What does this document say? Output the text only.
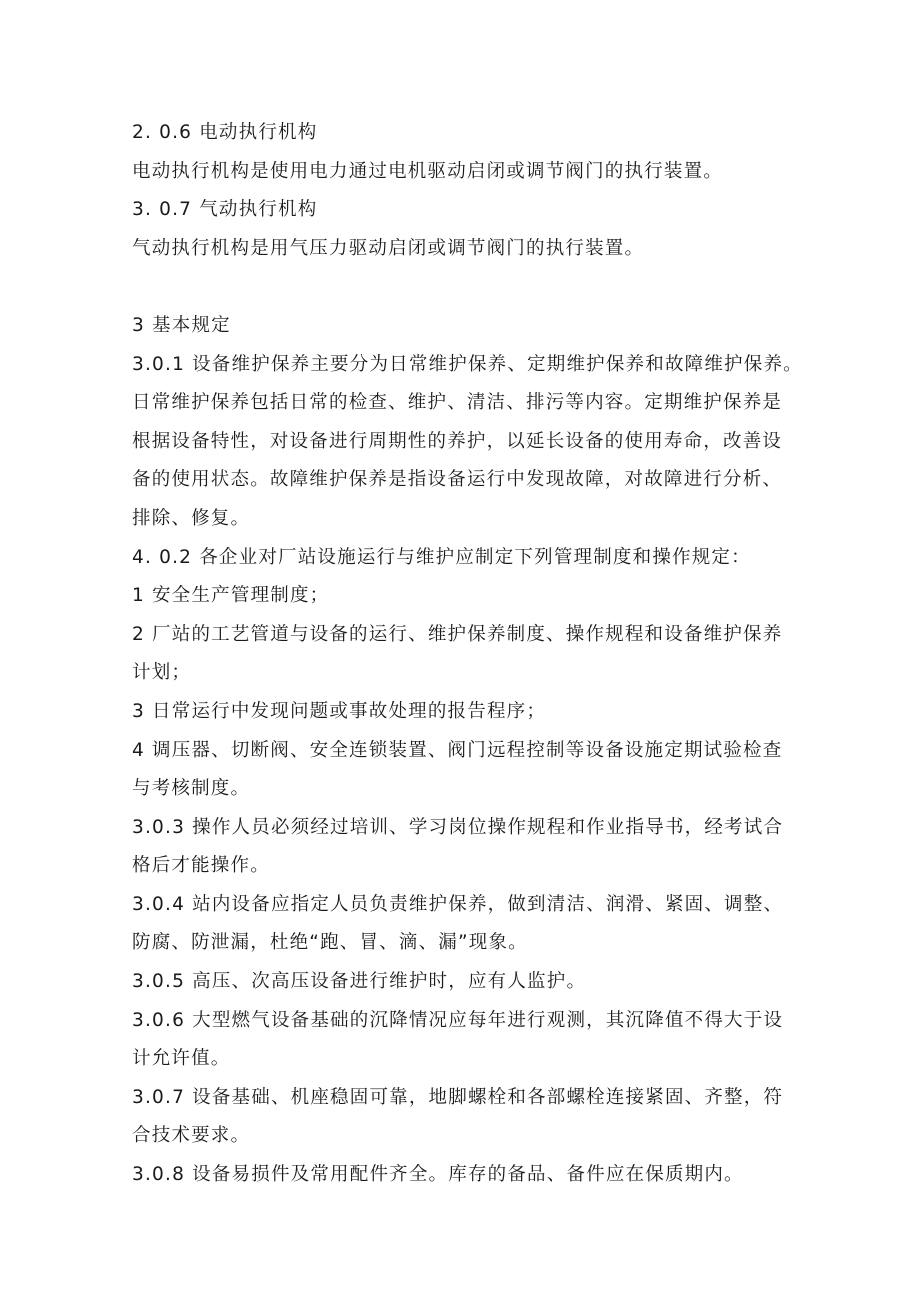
2. 0.6 电动执行机构
电动执行机构是使用电力通过电机驱动启闭或调节阀门的执行装置。
3. 0.7 气动执行机构
气动执行机构是用气压力驱动启闭或调节阀门的执行装置。
3 基本规定
3.0.1 设备维护保养主要分为日常维护保养、定期维护保养和故障维护保养。
日常维护保养包括日常的检查、维护、清洁、排污等内容。定期维护保养是
根据设备特性，对设备进行周期性的养护，以延长设备的使用寿命，改善设
备的使用状态。故障维护保养是指设备运行中发现故障，对故障进行分析、
排除、修复。
4. 0.2 各企业对厂站设施运行与维护应制定下列管理制度和操作规定：
1 安全生产管理制度；
2 厂站的工艺管道与设备的运行、维护保养制度、操作规程和设备维护保养
计划；
3 日常运行中发现问题或事故处理的报告程序；
4 调压器、切断阀、安全连锁装置、阀门远程控制等设备设施定期试验检查
与考核制度。
3.0.3 操作人员必须经过培训、学习岗位操作规程和作业指导书，经考试合
格后才能操作。
3.0.4 站内设备应指定人员负责维护保养，做到清洁、润滑、紧固、调整、
防腐、防泄漏，杜绝“跑、冒、滴、漏”现象。
3.0.5 高压、次高压设备进行维护时，应有人监护。
3.0.6 大型燃气设备基础的沉降情况应每年进行观测，其沉降值不得大于设
计允许值。
3.0.7 设备基础、机座稳固可靠，地脚螺栓和各部螺栓连接紧固、齐整，符
合技术要求。
3.0.8 设备易损件及常用配件齐全。库存的备品、备件应在保质期内。
